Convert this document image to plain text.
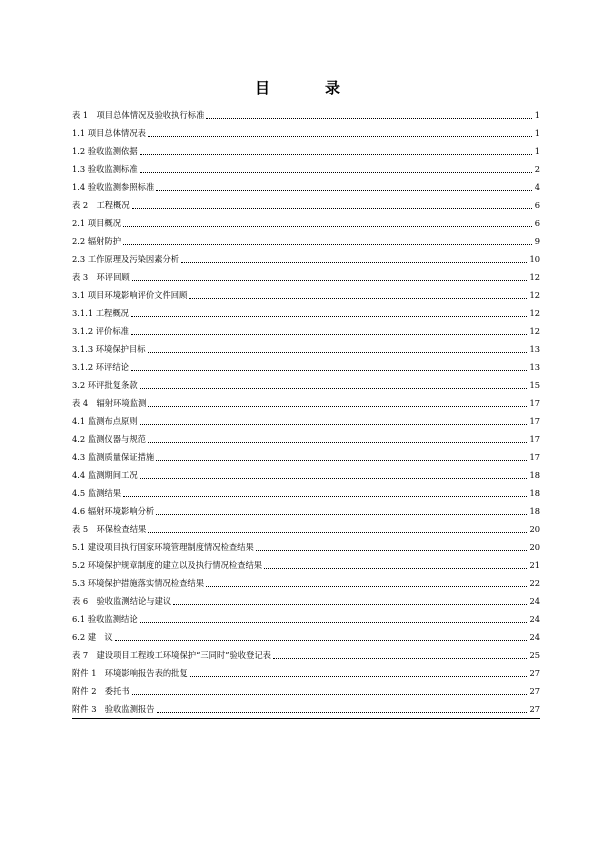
目　录
表 1　项目总体情况及验收执行标准	1
1.1 项目总体情况表	1
1.2 验收监测依据	1
1.3 验收监测标准	2
1.4 验收监测参照标准	4
表 2　工程概况	6
2.1 项目概况	6
2.2 辐射防护	9
2.3 工作原理及污染因素分析	10
表 3　环评回顾	12
3.1 项目环境影响评价文件回顾	12
3.1.1 工程概况	12
3.1.2 评价标准	12
3.1.3 环境保护目标	13
3.1.2 环评结论	13
3.2 环评批复条款	15
表 4　辐射环境监测	17
4.1 监测布点原则	17
4.2 监测仪器与规范	17
4.3 监测质量保证措施	17
4.4 监测期间工况	18
4.5 监测结果	18
4.6 辐射环境影响分析	18
表 5　环保检查结果	20
5.1 建设项目执行国家环境管理制度情况检查结果	20
5.2 环境保护规章制度的建立以及执行情况检查结果	21
5.3 环境保护措施落实情况检查结果	22
表 6　验收监测结论与建议	24
6.1 验收监测结论	24
6.2 建　议	24
表 7　建设项目工程竣工环境保护“三同时”验收登记表	25
附件 1　环境影响报告表的批复	27
附件 2　委托书	27
附件 3　验收监测报告	27
